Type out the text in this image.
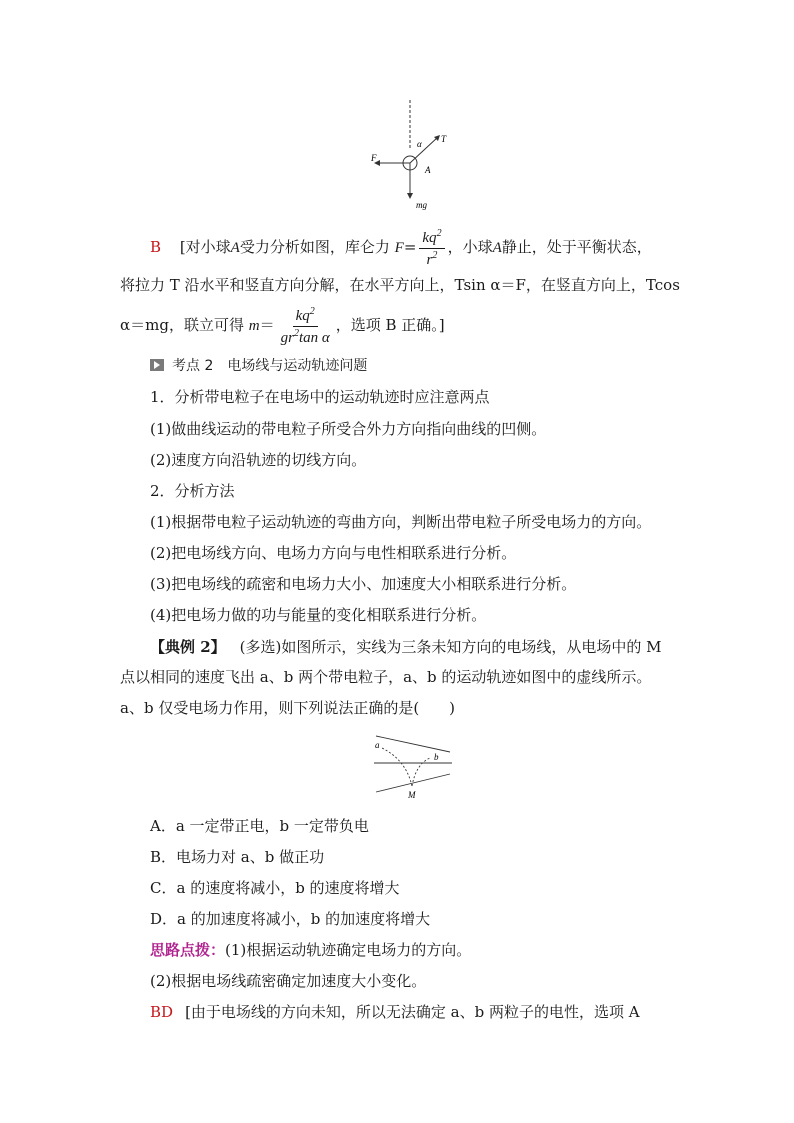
T
α
F
A
mg
B [对小球A受力分析如图，库仑力 $F= \frac{kq^2}{r^2}$ ，小球A静止，处于平衡状态，
将拉力 T 沿水平和竖直方向分解，在水平方向上，Tsin α＝F，在竖直方向上，Tcos
α＝mg，联立可得 $m= \frac{kq^2}{gr^2\tan \alpha}$ ，选项 B 正确。]
考点 2　电场线与运动轨迹问题
1．分析带电粒子在电场中的运动轨迹时应注意两点
(1)做曲线运动的带电粒子所受合外力方向指向曲线的凹侧。
(2)速度方向沿轨迹的切线方向。
2．分析方法
(1)根据带电粒子运动轨迹的弯曲方向，判断出带电粒子所受电场力的方向。
(2)把电场线方向、电场力方向与电性相联系进行分析。
(3)把电场线的疏密和电场力大小、加速度大小相联系进行分析。
(4)把电场力做的功与能量的变化相联系进行分析。
【典例 2】 (多选)如图所示，实线为三条未知方向的电场线，从电场中的 M
点以相同的速度飞出 a、b 两个带电粒子，a、b 的运动轨迹如图中的虚线所示。
a、b 仅受电场力作用，则下列说法正确的是(　　)
a
b
M
A．a 一定带正电，b 一定带负电
B．电场力对 a、b 做正功
C．a 的速度将减小，b 的速度将增大
D．a 的加速度将减小，b 的加速度将增大
思路点拨：(1)根据运动轨迹确定电场力的方向。
(2)根据电场线疏密确定加速度大小变化。
BD [由于电场线的方向未知，所以无法确定 a、b 两粒子的电性，选项 A
